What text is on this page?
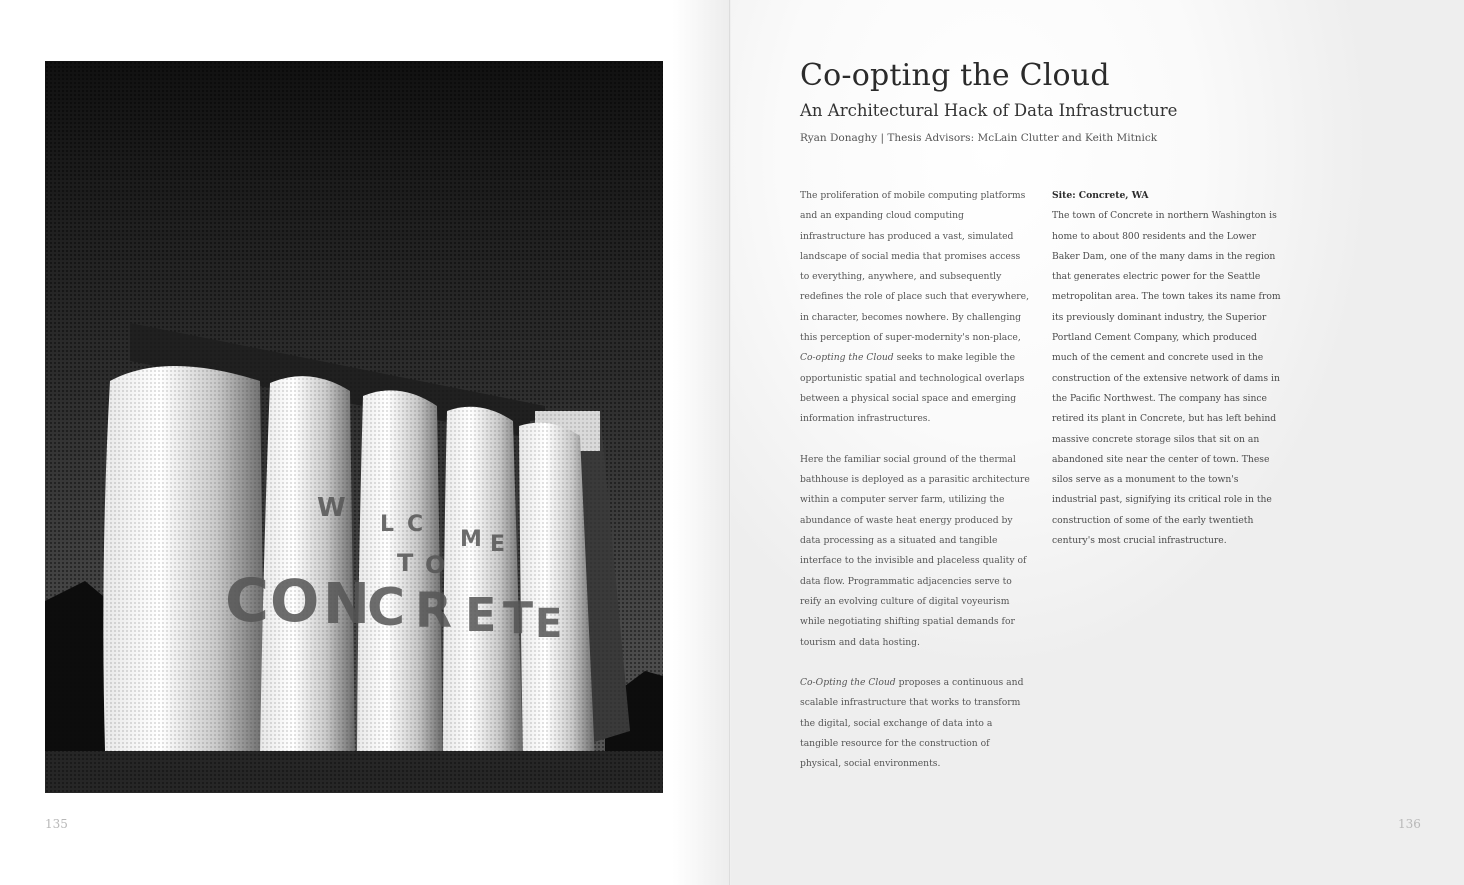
W
L C
M E
T O
C O N
C R E T E
135	136
Co-opting the Cloud
An Architectural Hack of Data Infrastructure
Ryan Donaghy | Thesis Advisors: McLain Clutter and Keith Mitnick

The proliferation of mobile computing platforms and an expanding cloud computing infrastructure has produced a vast, simulated landscape of social media that promises access to everything, anywhere, and subsequently redefines the role of place such that everywhere, in character, becomes nowhere. By challenging this perception of super-modernity's non-place, Co-opting the Cloud seeks to make legible the opportunistic spatial and technological overlaps between a physical social space and emerging information infrastructures.

Here the familiar social ground of the thermal bathhouse is deployed as a parasitic architecture within a computer server farm, utilizing the abundance of waste heat energy produced by data processing as a situated and tangible interface to the invisible and placeless quality of data flow. Programmatic adjacencies serve to reify an evolving culture of digital voyeurism while negotiating shifting spatial demands for tourism and data hosting.

Co-Opting the Cloud proposes a continuous and scalable infrastructure that works to transform the digital, social exchange of data into a tangible resource for the construction of physical, social environments.

Site: Concrete, WA
The town of Concrete in northern Washington is home to about 800 residents and the Lower Baker Dam, one of the many dams in the region that generates electric power for the Seattle metropolitan area. The town takes its name from its previously dominant industry, the Superior Portland Cement Company, which produced much of the cement and concrete used in the construction of the extensive network of dams in the Pacific Northwest. The company has since retired its plant in Concrete, but has left behind massive concrete storage silos that sit on an abandoned site near the center of town. These silos serve as a monument to the town's industrial past, signifying its critical role in the construction of some of the early twentieth century's most crucial infrastructure.
